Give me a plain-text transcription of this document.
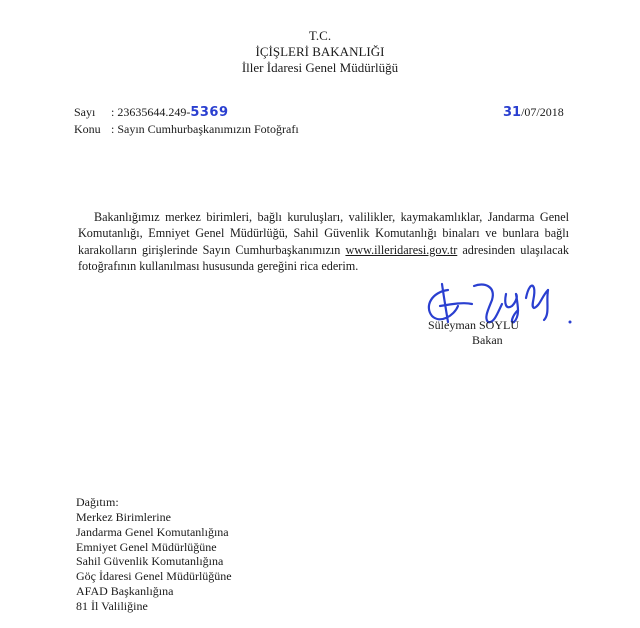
T.C.
İÇİŞLERİ BAKANLIĞI
İller İdaresi Genel Müdürlüğü
Sayı : 23635644.249-5369	31/07/2018
Konu : Sayın Cumhurbaşkanımızın Fotoğrafı
Bakanlığımız merkez birimleri, bağlı kuruluşları, valilikler, kaymakamlıklar, Jandarma Genel Komutanlığı, Emniyet Genel Müdürlüğü, Sahil Güvenlik Komutanlığı binaları ve bunlara bağlı karakolların girişlerinde Sayın Cumhurbaşkanımızın www.illeridaresi.gov.tr adresinden ulaşılacak fotoğrafının kullanılması hususunda gereğini rica ederim.
Süleyman SOYLU
Bakan
Dağıtım:
Merkez Birimlerine
Jandarma Genel Komutanlığına
Emniyet Genel Müdürlüğüne
Sahil Güvenlik Komutanlığına
Göç İdaresi Genel Müdürlüğüne
AFAD Başkanlığına
81 İl Valiliğine
